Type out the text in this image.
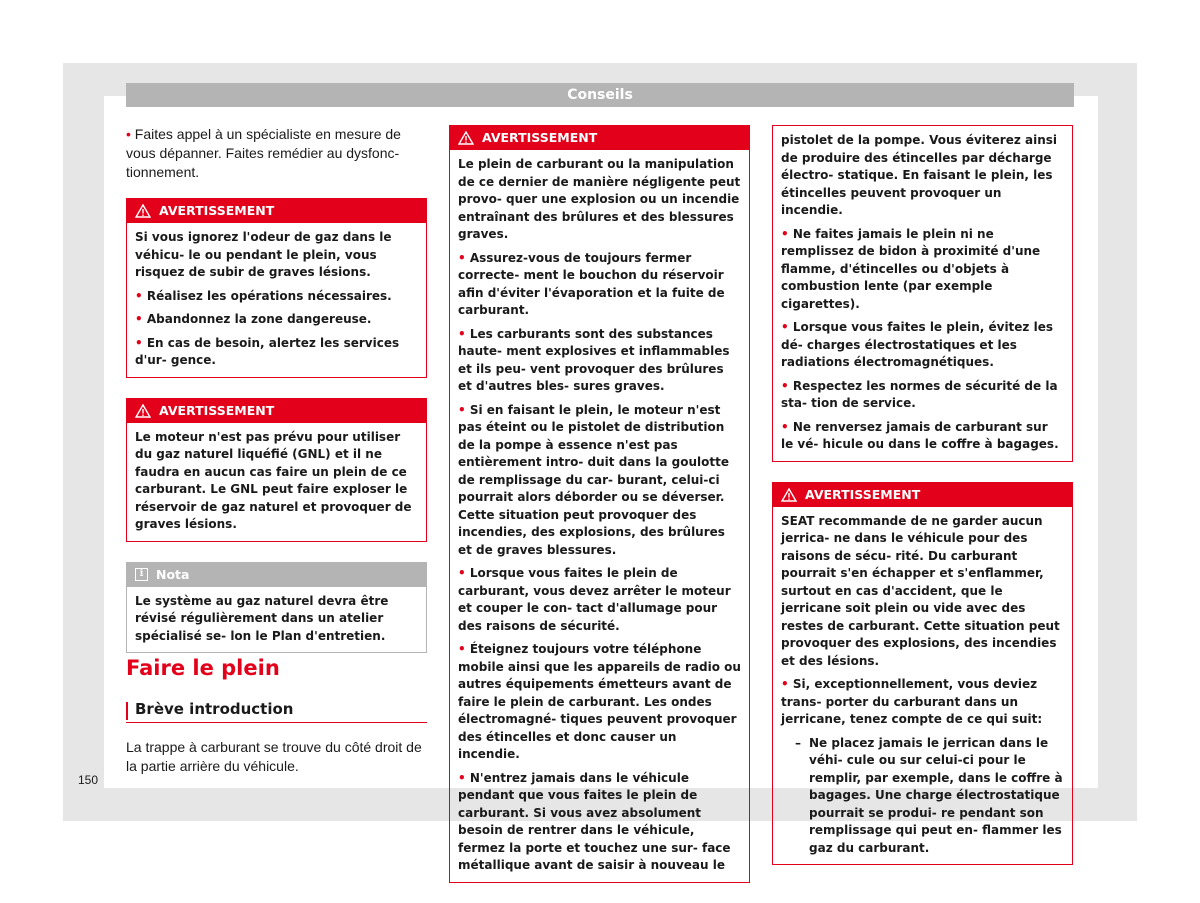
Conseils
• Faites appel à un spécialiste en mesure de vous dépanner. Faites remédier au dysfonc- tionnement.
AVERTISSEMENT

Si vous ignorez l'odeur de gaz dans le véhicu- le ou pendant le plein, vous risquez de subir de graves lésions.

• Réalisez les opérations nécessaires.

• Abandonnez la zone dangereuse.

• En cas de besoin, alertez les services d'ur- gence.

AVERTISSEMENT

Le moteur n'est pas prévu pour utiliser du gaz naturel liquéfié (GNL) et il ne faudra en aucun cas faire un plein de ce carburant. Le GNL peut faire exploser le réservoir de gaz naturel et provoquer de graves lésions.

i	Nota

Le système au gaz naturel devra être révisé régulièrement dans un atelier spécialisé se- lon le Plan d'entretien.

Faire le plein
Brève introduction
La trappe à carburant se trouve du côté droit de la partie arrière du véhicule.
AVERTISSEMENT

Le plein de carburant ou la manipulation de ce dernier de manière négligente peut provo- quer une explosion ou un incendie entraînant des brûlures et des blessures graves.

• Assurez-vous de toujours fermer correcte- ment le bouchon du réservoir afin d'éviter l'évaporation et la fuite de carburant.

• Les carburants sont des substances haute- ment explosives et inflammables et ils peu- vent provoquer des brûlures et d'autres bles- sures graves.

• Si en faisant le plein, le moteur n'est pas éteint ou le pistolet de distribution de la pompe à essence n'est pas entièrement intro- duit dans la goulotte de remplissage du car- burant, celui-ci pourrait alors déborder ou se déverser. Cette situation peut provoquer des incendies, des explosions, des brûlures et de graves blessures.

• Lorsque vous faites le plein de carburant, vous devez arrêter le moteur et couper le con- tact d'allumage pour des raisons de sécurité.

• Éteignez toujours votre téléphone mobile ainsi que les appareils de radio ou autres équipements émetteurs avant de faire le plein de carburant. Les ondes électromagné- tiques peuvent provoquer des étincelles et donc causer un incendie.

• N'entrez jamais dans le véhicule pendant que vous faites le plein de carburant. Si vous avez absolument besoin de rentrer dans le véhicule, fermez la porte et touchez une sur- face métallique avant de saisir à nouveau le

pistolet de la pompe. Vous éviterez ainsi de produire des étincelles par décharge électro- statique. En faisant le plein, les étincelles peuvent provoquer un incendie.

• Ne faites jamais le plein ni ne remplissez de bidon à proximité d'une flamme, d'étincelles ou d'objets à combustion lente (par exemple cigarettes).

• Lorsque vous faites le plein, évitez les dé- charges électrostatiques et les radiations électromagnétiques.

• Respectez les normes de sécurité de la sta- tion de service.

• Ne renversez jamais de carburant sur le vé- hicule ou dans le coffre à bagages.

AVERTISSEMENT

SEAT recommande de ne garder aucun jerrica- ne dans le véhicule pour des raisons de sécu- rité. Du carburant pourrait s'en échapper et s'enflammer, surtout en cas d'accident, que le jerricane soit plein ou vide avec des restes de carburant. Cette situation peut provoquer des explosions, des incendies et des lésions.

• Si, exceptionnellement, vous deviez trans- porter du carburant dans un jerricane, tenez compte de ce qui suit:

– Ne placez jamais le jerrican dans le véhi- cule ou sur celui-ci pour le remplir, par exemple, dans le coffre à bagages. Une charge électrostatique pourrait se produi- re pendant son remplissage qui peut en- flammer les gaz du carburant.
150
